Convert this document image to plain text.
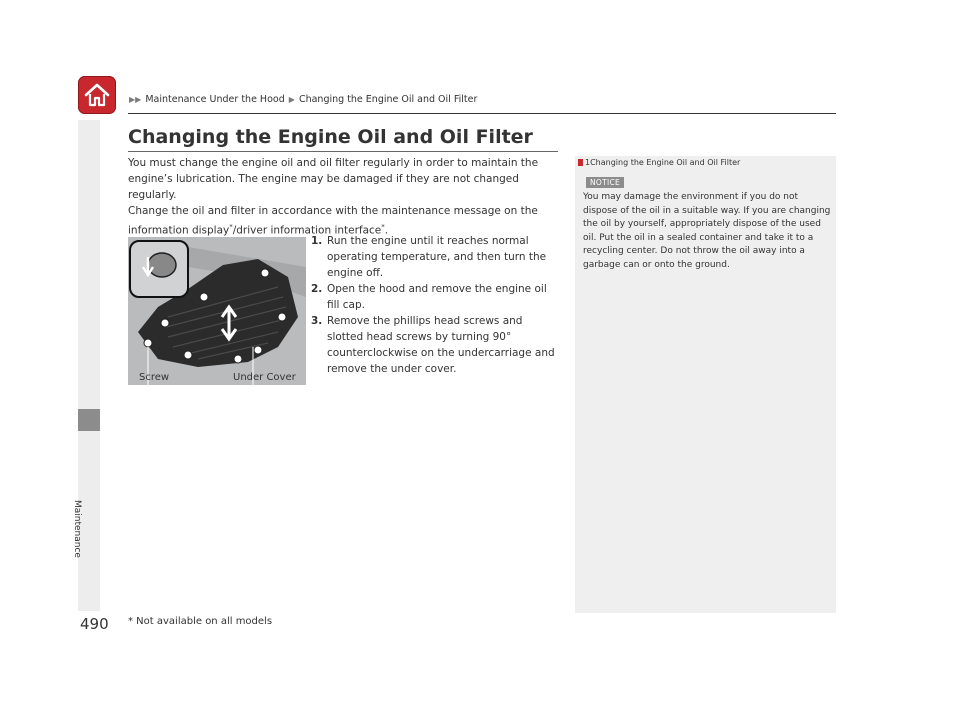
▶▶ Maintenance Under the Hood ▶ Changing the Engine Oil and Oil Filter
Maintenance
Changing the Engine Oil and Oil Filter
You must change the engine oil and oil filter regularly in order to maintain the engine’s lubrication. The engine may be damaged if they are not changed regularly.
Change the oil and filter in accordance with the maintenance message on the information display*/driver information interface*.
Screw	Under Cover
1. Run the engine until it reaches normal operating temperature, and then turn the engine off.
2. Open the hood and remove the engine oil fill cap.
3. Remove the phillips head screws and slotted head screws by turning 90° counterclockwise on the undercarriage and remove the under cover.
1Changing the Engine Oil and Oil Filter
NOTICE
You may damage the environment if you do not dispose of the oil in a suitable way. If you are changing the oil by yourself, appropriately dispose of the used oil. Put the oil in a sealed container and take it to a recycling center. Do not throw the oil away into a garbage can or onto the ground.
490 * Not available on all models
